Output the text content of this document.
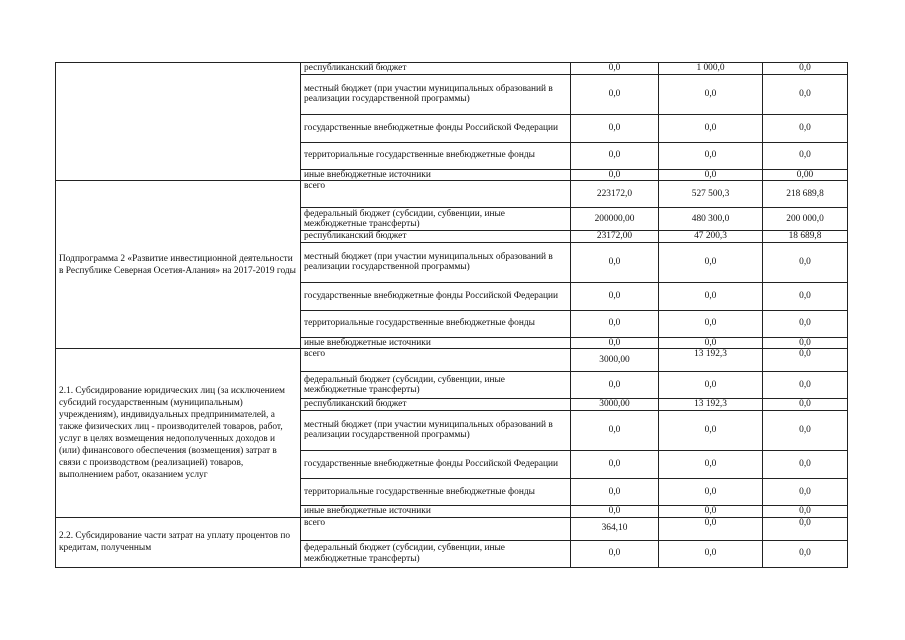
	республиканский бюджет	0,0	1 000,0	0,0
	местный бюджет (при участии муниципальных образований в реализации государственной программы)	0,0	0,0	0,0
	государственные внебюджетные фонды Российской Федерации	0,0	0,0	0,0
	территориальные государственные внебюджетные фонды	0,0	0,0	0,0
	иные внебюджетные источники	0,0	0,0	0,00
Подпрограмма 2 «Развитие инвестиционной деятельности в Республике Северная Осетия-Алания» на 2017-2019 годы	всего	223172,0	527 500,3	218 689,8
	федеральный бюджет (субсидии, субвенции, иные межбюджетные трансферты)	200000,00	480 300,0	200 000,0
	республиканский бюджет	23172,00	47 200,3	18 689,8
	местный бюджет (при участии муниципальных образований в реализации государственной программы)	0,0	0,0	0,0
	государственные внебюджетные фонды Российской Федерации	0,0	0,0	0,0
	территориальные государственные внебюджетные фонды	0,0	0,0	0,0
	иные внебюджетные источники	0,0	0,0	0,0
2.1. Субсидирование юридических лиц (за исключением субсидий государственным (муниципальным) учреждениям), индивидуальных предпринимателей, а также физических лиц - производителей товаров, работ, услуг в целях возмещения недополученных доходов и (или) финансового обеспечения (возмещения) затрат в связи с производством (реализацией) товаров, выполнением работ, оказанием услуг	всего	3000,00	13 192,3	0,0
	федеральный бюджет (субсидии, субвенции, иные межбюджетные трансферты)	0,0	0,0	0,0
	республиканский бюджет	3000,00	13 192,3	0,0
	местный бюджет (при участии муниципальных образований в реализации государственной программы)	0,0	0,0	0,0
	государственные внебюджетные фонды Российской Федерации	0,0	0,0	0,0
	территориальные государственные внебюджетные фонды	0,0	0,0	0,0
	иные внебюджетные источники	0,0	0,0	0,0
2.2. Субсидирование части затрат на уплату процентов по кредитам, полученным	всего	364,10	0,0	0,0
	федеральный бюджет (субсидии, субвенции, иные межбюджетные трансферты)	0,0	0,0	0,0
